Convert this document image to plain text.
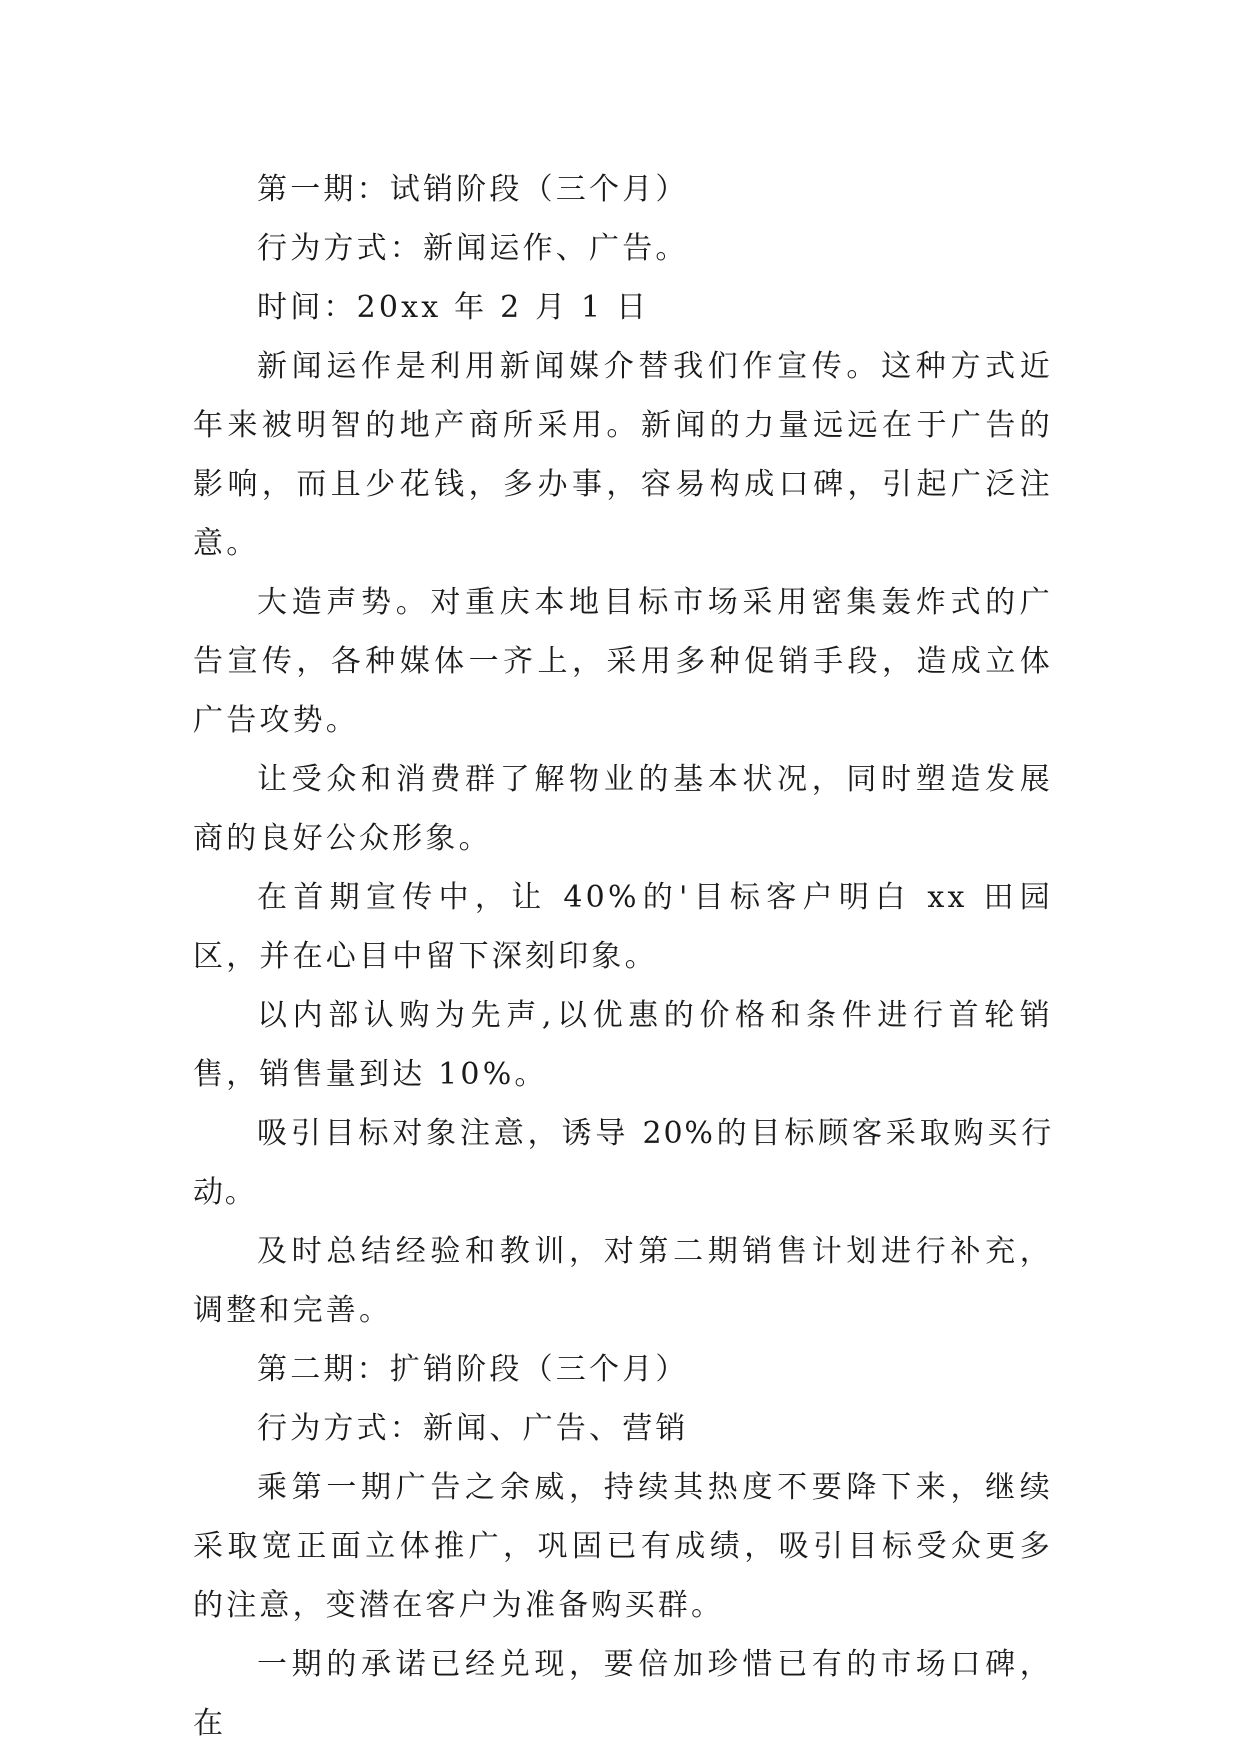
第一期：试销阶段（三个月）

行为方式：新闻运作、广告。

时间：20xx 年 2 月 1 日

新闻运作是利用新闻媒介替我们作宣传。这种方式近年来被明智的地产商所采用。新闻的力量远远在于广告的影响，而且少花钱，多办事，容易构成口碑，引起广泛注意。

大造声势。对重庆本地目标市场采用密集轰炸式的广告宣传，各种媒体一齐上，采用多种促销手段，造成立体广告攻势。

让受众和消费群了解物业的基本状况，同时塑造发展商的良好公众形象。

在首期宣传中，让 40%的'目标客户明白 xx 田园区，并在心目中留下深刻印象。

以内部认购为先声,以优惠的价格和条件进行首轮销售，销售量到达 10%。

吸引目标对象注意，诱导 20%的目标顾客采取购买行动。

及时总结经验和教训，对第二期销售计划进行补充，调整和完善。

第二期：扩销阶段（三个月）

行为方式：新闻、广告、营销

乘第一期广告之余威，持续其热度不要降下来，继续采取宽正面立体推广，巩固已有成绩，吸引目标受众更多的注意，变潜在客户为准备购买群。

一期的承诺已经兑现，要倍加珍惜已有的市场口碑，在
